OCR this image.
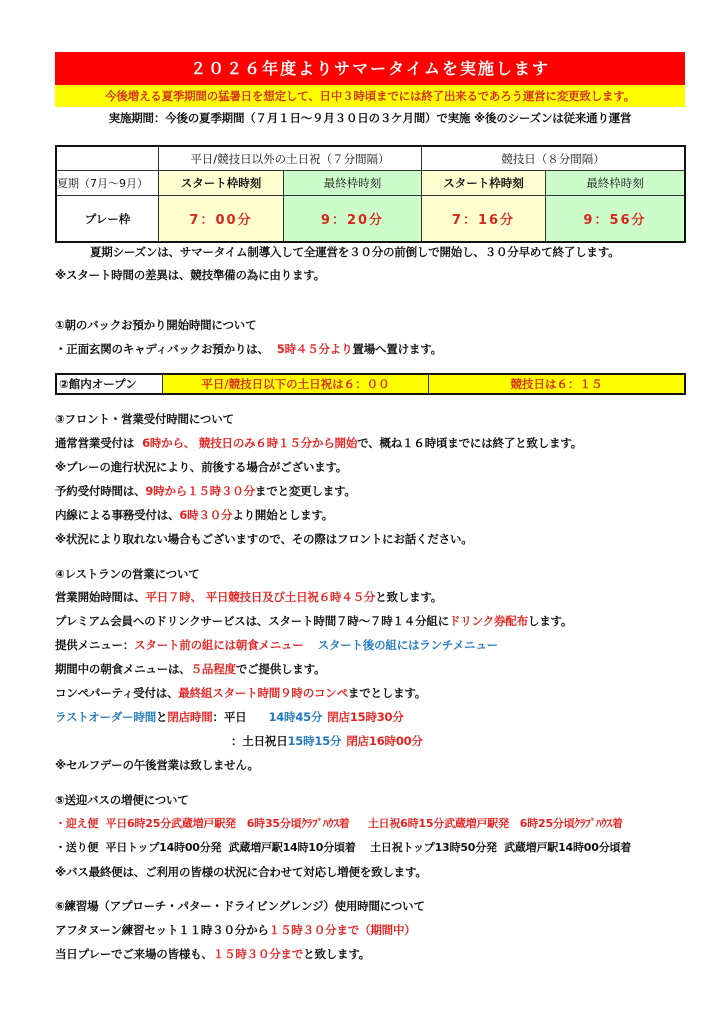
２０２６年度よりサマータイムを実施します
今後増える夏季期間の猛暑日を想定して、日中３時頃までには終了出来るであろう運営に変更致します。
実施期間：今後の夏季期間（７月１日～９月３０日の３ケ月間）で実施 ※後のシーズンは従来通り運営
	平日/競技日以外の土日祝（７分間隔）		競技日（８分間隔）	
夏期（7月～9月）	スタート枠時刻	最終枠時刻	スタート枠時刻	最終枠時刻
プレー枠	7：00分	9：20分	7：16分	9：56分
夏期シーズンは、サマータイム制導入して全運営を３０分の前倒しで開始し、３０分早めて終了します。
※スタート時間の差異は、競技準備の為に由ります。
①朝のバックお預かり開始時間について
・正面玄関のキャディバックお預かりは、 5時４５分より置場へ置けます。
②館内オープン	平日/競技日以下の土日祝は６：００	競技日は６：１５
③フロント・営業受付時間について
通常営業受付は 6時から、 競技日のみ６時１５分から開始で、概ね１６時頃までには終了と致します。
※プレーの進行状況により、前後する場合がございます。
予約受付時間は、9時から１５時３０分までと変更します。
内線による事務受付は、6時３０分より開始とします。
※状況により取れない場合もございますので、その際はフロントにお話ください。
④レストランの営業について
営業開始時間は、平日７時、 平日競技日及び土日祝６時４５分と致します。
プレミアム会員へのドリンクサービスは、スタート時間７時～７時１４分組にドリンク券配布します。
提供メニュー：スタート前の組には朝食メニュー スタート後の組にはランチメニュー
期間中の朝食メニューは、５品程度でご提供します。
コンペパーティ受付は、最終組スタート時間９時のコンペまでとします。
ラストオーダー時間と閉店時間：平日 14時45分 閉店15時30分
：土日祝日15時15分 閉店16時00分
※セルフデーの午後営業は致しません。
⑤送迎バスの増便について
・迎え便  平日6時25分武蔵増戸駅発   6時35分頃ｸﾗﾌﾞﾊｳｽ着     土日祝6時15分武蔵増戸駅発   6時25分頃ｸﾗﾌﾞﾊｳｽ着
・送り便  平日トップ14時00分発  武蔵増戸駅14時10分頃着    土日祝トップ13時50分発  武蔵増戸駅14時00分頃着
※バス最終便は、ご利用の皆様の状況に合わせて対応し増便を致します。
⑥練習場（アプローチ・パター・ドライビングレンジ）使用時間について
アフタヌーン練習セット１１時３０分から１５時３０分まで（期間中）
当日プレーでご来場の皆様も、１５時３０分までと致します。
